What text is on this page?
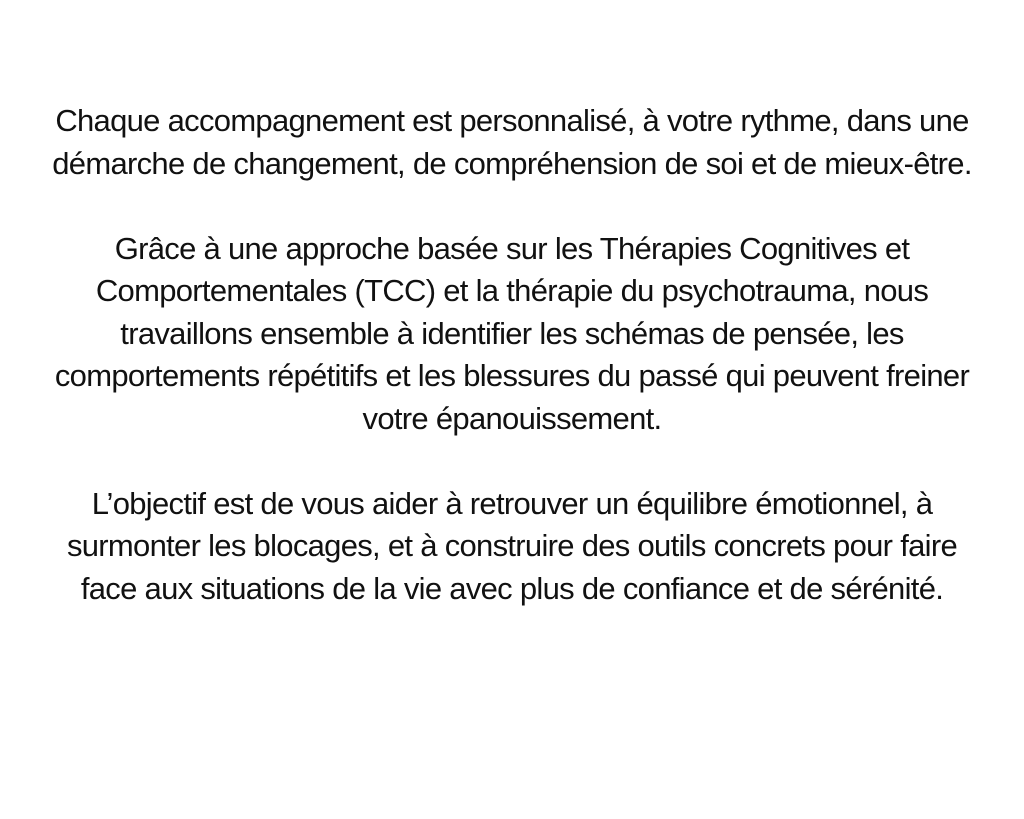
Chaque accompagnement est personnalisé, à votre rythme, dans une démarche de changement, de compréhension de soi et de mieux-être.

Grâce à une approche basée sur les Thérapies Cognitives et Comportementales (TCC) et la thérapie du psychotrauma, nous travaillons ensemble à identifier les schémas de pensée, les comportements répétitifs et les blessures du passé qui peuvent freiner votre épanouissement.

L’objectif est de vous aider à retrouver un équilibre émotionnel, à surmonter les blocages, et à construire des outils concrets pour faire face aux situations de la vie avec plus de confiance et de sérénité.
